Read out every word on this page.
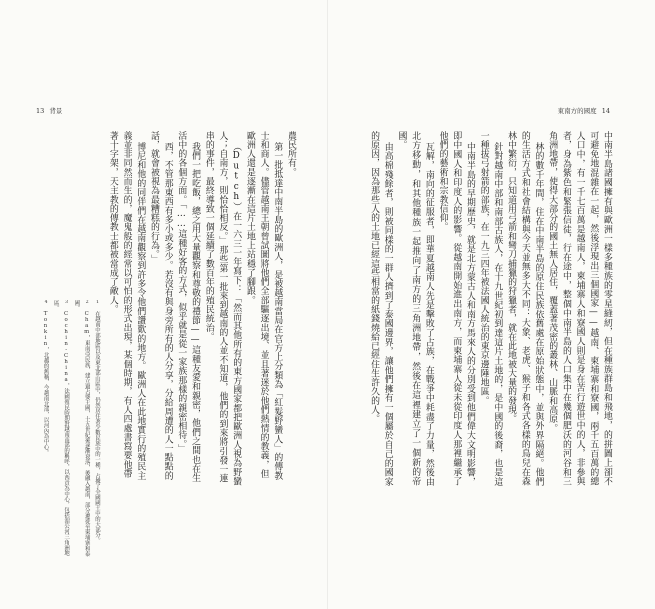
13 背景	東南方的國度 14

中南半島諸國擁有與歐洲一樣多種族的零星縫紉，但在種族群島和飛地，的拼圖上卻不可避免地混雜在一起，然後浮現出三個國家——越南、柬埔寨和寮國，兩千五百萬的總人口中，有一千七百萬是越南人，柬埔寨人和寮國人則是身在苦行遊世中的人，非參與者，身為紫色和緊張信徒，行在途中，整個中南半島的人口集中在幾個肥沃的河谷和三角洲地帶，使得大部分的國土無人居住，覆蓋著茂密的叢林、山脈和高原。

林的數千年間，住在中南半島的原住民族依舊處在原始狀態中，並與外界隔絕。他們的生活方式和社會結構與今天並無多大不同：大象、老虎、猴子和各式各樣的鳥兒在森林中繁衍，只知道用弓箭和彎刀捕獵的狩獵者，就在此地被大量的發現。

針對越南中部和南部古族人，在十九世紀初到達這片土地的，是中國的後裔，也是這一種拔弓射箭的部族，在一九三四年被法國人統治的東京邊陲地區。

中南半島的早期歷史，就是北方蒙古人和南方馬來人的分別受到他們偉大文明影響，即中國人和印度人的影響。從越南開始進出南方，而柬埔寨人從未從印度人那裡繼承了他們的藝術和宗教信仰。

瓦解，南向的征服者，即華夏越南人先是擊敗了占族，在戰爭中耗盡了力量，然後由北方移動，和其他種族一起推向了南方的三角洲地帶，然後在這裡建立了一個新的帝國。

由高棉殘餘者，則被同樣的一群人擠到了泰國邊界，讓他們擁有一個屬於自己的國家的原因，因為那些人的土地已經這些相當的紙錢燒給已經住生許久的人。

農民所有。

第一批抵達中南半島的歐洲人，是被越南當局在官方上分類為「紅髮野蠻人」的傳教士和商人。儘管越南王朝曾試圖將他們全部驅逐出境、並且著迷於他們熱情的教義，但歐洲人還是逐漸在這片土地上站穩了腳跟。

（Dutch）在一六三一年寫下：「然而其他所有的東方國家都把歐洲人視為野蠻人；自南方，則恰恰相反。」那些第一批來到越南的人並不知道，他們的到來將引發一連串的事件，最終導致一個延續了數百年的殖民統治。

我們一把吃飯，總之用大量觀察和尊敬的禮節——這種友愛和親密，他們之間也在生活中的各個方面。「……這種好客的方式，似乎就是從一家族那樣的親密相待。」

西，不管那東西有多小或多少。若沒有與身旁所有的人分享，分給周遭的人一點點的話，就會被視為最糟糕的行為。」

博尼和他的同伴們在越南觀察到許多令他們讚歎的地方。歐洲人在此地實行的殖民主義並非同然而生的，魔鬼般的經常以可怕的形式出現，某個時期，有人四處書寫要他帶著十字架，天主教的傳教士都被當成了敵人。

1 在越南中部地區以及東北部山區中，仍然居住著少數民族中的一種，占據了全國國土中的大部分。

2 Cham，東南亞民族，建立過占婆王國，十五世紀後逐漸衰落，後融入越南，部分遷徙至柬埔寨和泰國。

3 Cochin-China，法國殖民時期對越南南部的稱呼，以西貢為中心，包括湄公河三角洲地區。

4 Tonkin，北越的舊稱，今越南北部，以河內為中心。
